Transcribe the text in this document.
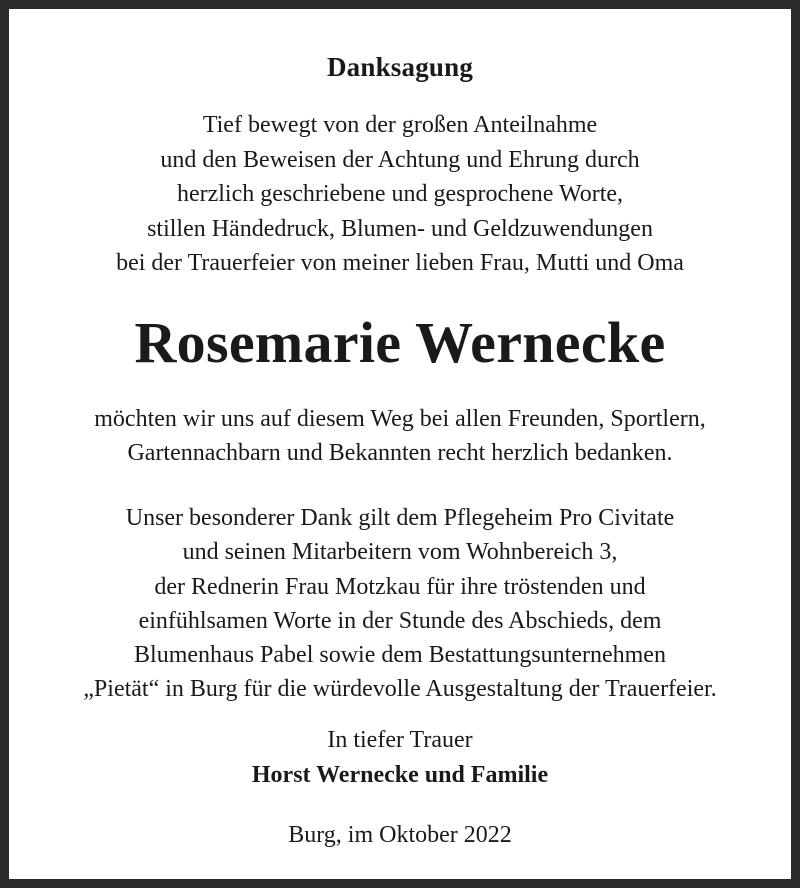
Danksagung
Tief bewegt von der großen Anteilnahme
und den Beweisen der Achtung und Ehrung durch
herzlich geschriebene und gesprochene Worte,
stillen Händedruck, Blumen- und Geldzuwendungen
bei der Trauerfeier von meiner lieben Frau, Mutti und Oma
Rosemarie Wernecke
möchten wir uns auf diesem Weg bei allen Freunden, Sportlern,
Gartennachbarn und Bekannten recht herzlich bedanken.
Unser besonderer Dank gilt dem Pflegeheim Pro Civitate
und seinen Mitarbeitern vom Wohnbereich 3,
der Rednerin Frau Motzkau für ihre tröstenden und
einfühlsamen Worte in der Stunde des Abschieds, dem
Blumenhaus Pabel sowie dem Bestattungsunternehmen
„Pietät“ in Burg für die würdevolle Ausgestaltung der Trauerfeier.
In tiefer Trauer
Horst Wernecke und Familie
Burg, im Oktober 2022
